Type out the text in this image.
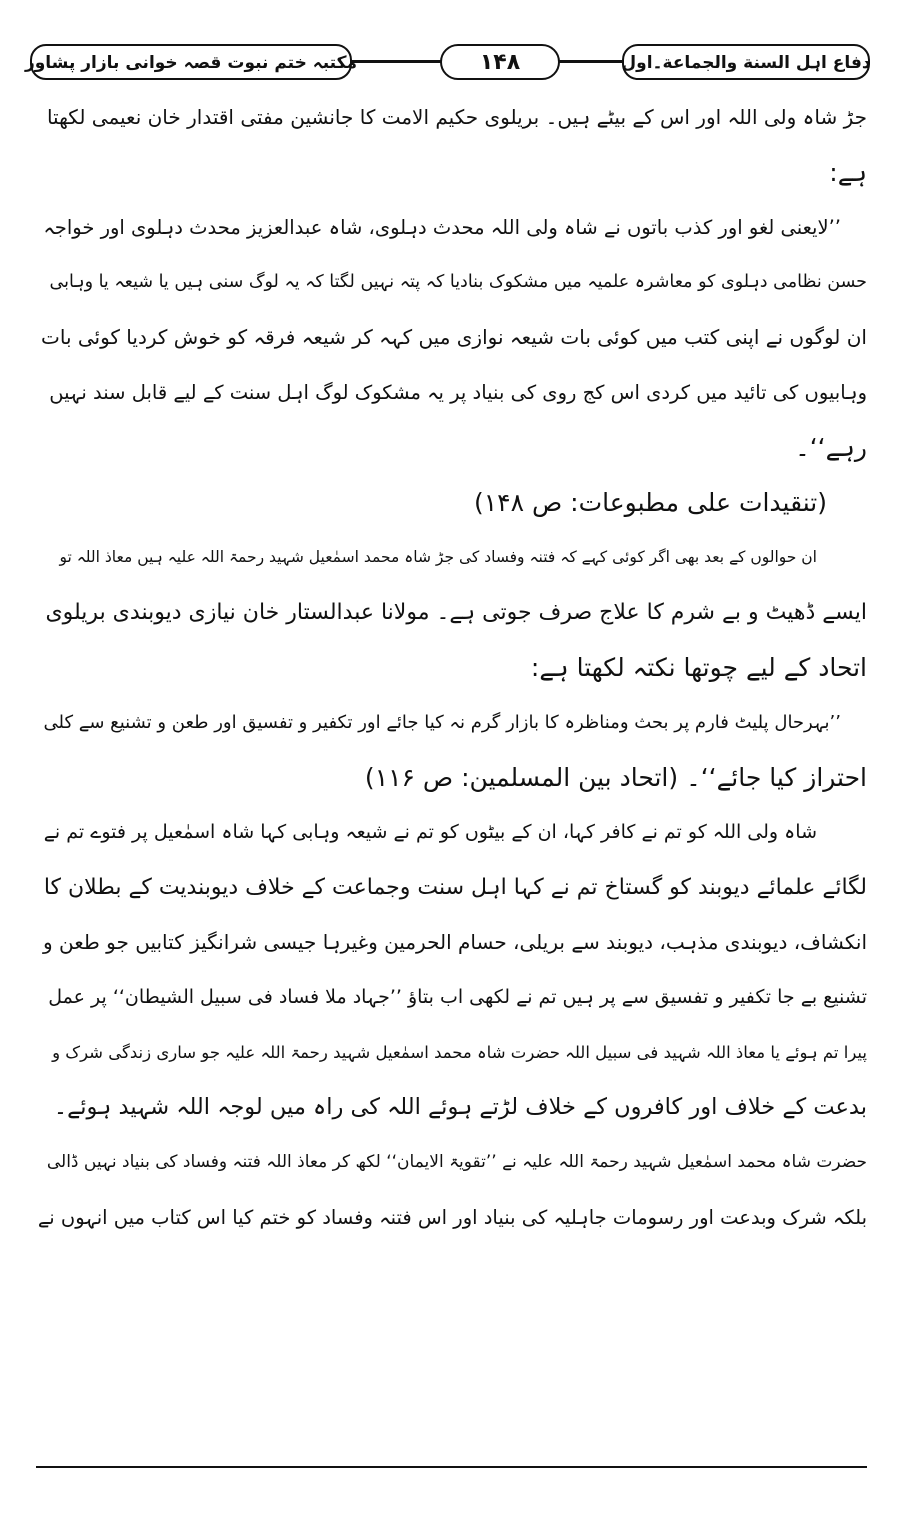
مکتبہ ختم نبوت قصہ خوانی بازار پشاور	۱۴۸	دفاع اہل السنة والجماعة۔اول
جڑ شاہ ولی اللہ اور اس کے بیٹے ہیں۔ بریلوی حکیم الامت کا جانشین مفتی اقتدار خان نعیمی لکھتا
ہے:
’’لایعنی لغو اور کذب باتوں نے شاہ ولی اللہ محدث دہلوی، شاہ عبدالعزیز محدث دہلوی اور خواجہ
حسن نظامی دہلوی کو معاشرہ علمیہ میں مشکوک بنادیا کہ پتہ نہیں لگتا کہ یہ لوگ سنی ہیں یا شیعہ یا وہابی
ان لوگوں نے اپنی کتب میں کوئی بات شیعہ نوازی میں کہہ کر شیعہ فرقہ کو خوش کردیا کوئی بات
وہابیوں کی تائید میں کردی اس کج روی کی بنیاد پر یہ مشکوک لوگ اہل سنت کے لیے قابل سند نہیں
رہے‘‘۔
(تنقیدات علی مطبوعات: ص ۱۴۸)
ان حوالوں کے بعد بھی اگر کوئی کہے کہ فتنہ وفساد کی جڑ شاہ محمد اسمٰعیل شہید رحمۃ اللہ علیہ ہیں معاذ اللہ تو
ایسے ڈھیٹ و بے شرم کا علاج صرف جوتی ہے۔ مولانا عبدالستار خان نیازی دیوبندی بریلوی
اتحاد کے لیے چوتھا نکتہ لکھتا ہے:
’’بہرحال پلیٹ فارم پر بحث ومناظرہ کا بازار گرم نہ کیا جائے اور تکفیر و تفسیق اور طعن و تشنیع سے کلی
احتراز کیا جائے‘‘۔ (اتحاد بین المسلمین: ص ۱۱۶)
شاہ ولی اللہ کو تم نے کافر کہا، ان کے بیٹوں کو تم نے شیعہ وہابی کہا شاہ اسمٰعیل پر فتوے تم نے
لگائے علمائے دیوبند کو گستاخ تم نے کہا اہل سنت وجماعت کے خلاف دیوبندیت کے بطلان کا
انکشاف، دیوبندی مذہب، دیوبند سے بریلی، حسام الحرمین وغیرہا جیسی شرانگیز کتابیں جو طعن و
تشنیع بے جا تکفیر و تفسیق سے پر ہیں تم نے لکھی اب بتاؤ ’’جہاد ملا فساد فی سبیل الشیطان‘‘ پر عمل
پیرا تم ہوئے یا معاذ اللہ شہید فی سبیل اللہ حضرت شاہ محمد اسمٰعیل شہید رحمۃ اللہ علیہ جو ساری زندگی شرک و
بدعت کے خلاف اور کافروں کے خلاف لڑتے ہوئے اللہ کی راہ میں لوجہ اللہ شہید ہوئے۔
حضرت شاہ محمد اسمٰعیل شہید رحمۃ اللہ علیہ نے ’’تقویۃ الایمان‘‘ لکھ کر معاذ اللہ فتنہ وفساد کی بنیاد نہیں ڈالی
بلکہ شرک وبدعت اور رسومات جاہلیہ کی بنیاد اور اس فتنہ وفساد کو ختم کیا اس کتاب میں انہوں نے
